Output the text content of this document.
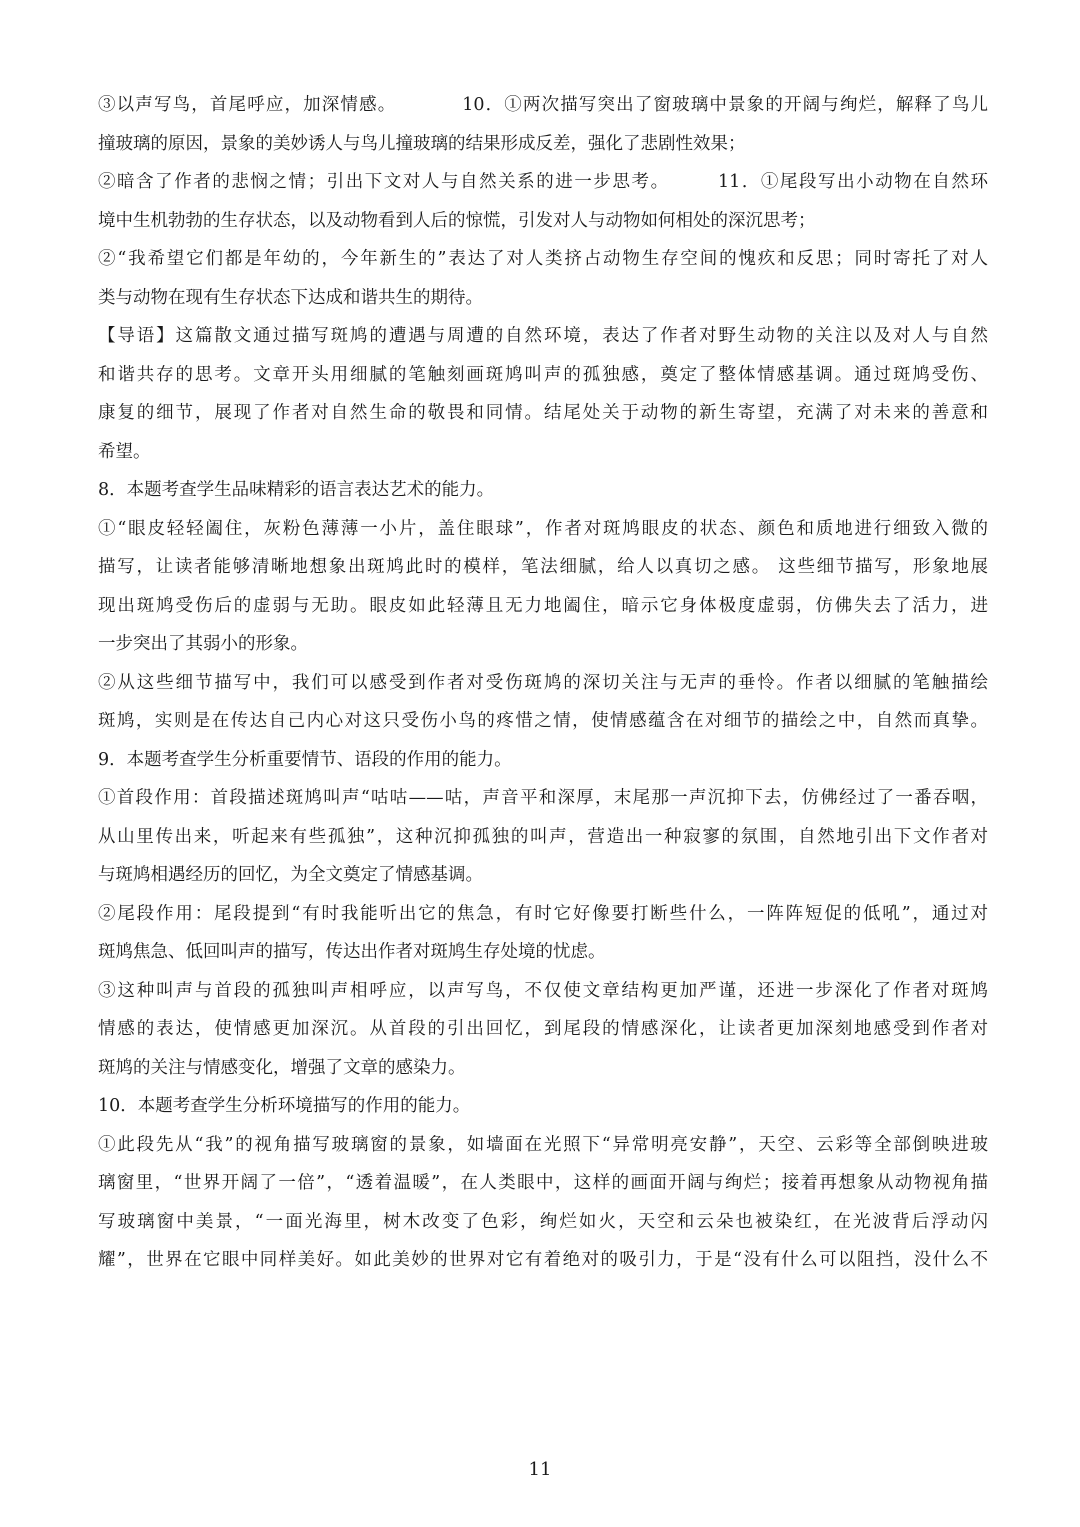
③以声写鸟，首尾呼应，加深情感。　　　　10．①两次描写突出了窗玻璃中景象的开阔与绚烂，解释了鸟儿
撞玻璃的原因，景象的美妙诱人与鸟儿撞玻璃的结果形成反差，强化了悲剧性效果；
②暗含了作者的悲悯之情；引出下文对人与自然关系的进一步思考。　　　11．①尾段写出小动物在自然环
境中生机勃勃的生存状态，以及动物看到人后的惊慌，引发对人与动物如何相处的深沉思考；
②“我希望它们都是年幼的，今年新生的”表达了对人类挤占动物生存空间的愧疚和反思；同时寄托了对人
类与动物在现有生存状态下达成和谐共生的期待。
【导语】这篇散文通过描写斑鸠的遭遇与周遭的自然环境，表达了作者对野生动物的关注以及对人与自然
和谐共存的思考。文章开头用细腻的笔触刻画斑鸠叫声的孤独感，奠定了整体情感基调。通过斑鸠受伤、
康复的细节，展现了作者对自然生命的敬畏和同情。结尾处关于动物的新生寄望，充满了对未来的善意和
希望。
8．本题考查学生品味精彩的语言表达艺术的能力。
①“眼皮轻轻阖住，灰粉色薄薄一小片，盖住眼球”，作者对斑鸠眼皮的状态、颜色和质地进行细致入微的
描写，让读者能够清晰地想象出斑鸠此时的模样，笔法细腻，给人以真切之感。 这些细节描写，形象地展
现出斑鸠受伤后的虚弱与无助。眼皮如此轻薄且无力地阖住，暗示它身体极度虚弱，仿佛失去了活力，进
一步突出了其弱小的形象。
②从这些细节描写中，我们可以感受到作者对受伤斑鸠的深切关注与无声的垂怜。作者以细腻的笔触描绘
斑鸠，实则是在传达自己内心对这只受伤小鸟的疼惜之情，使情感蕴含在对细节的描绘之中，自然而真挚。
9．本题考查学生分析重要情节、语段的作用的能力。
①首段作用：首段描述斑鸠叫声“咕咕——咕，声音平和深厚，末尾那一声沉抑下去，仿佛经过了一番吞咽，
从山里传出来，听起来有些孤独”，这种沉抑孤独的叫声，营造出一种寂寥的氛围，自然地引出下文作者对
与斑鸠相遇经历的回忆，为全文奠定了情感基调。
②尾段作用：尾段提到“有时我能听出它的焦急，有时它好像要打断些什么，一阵阵短促的低吼”，通过对
斑鸠焦急、低回叫声的描写，传达出作者对斑鸠生存处境的忧虑。
③这种叫声与首段的孤独叫声相呼应，以声写鸟，不仅使文章结构更加严谨，还进一步深化了作者对斑鸠
情感的表达，使情感更加深沉。从首段的引出回忆，到尾段的情感深化，让读者更加深刻地感受到作者对
斑鸠的关注与情感变化，增强了文章的感染力。
10．本题考查学生分析环境描写的作用的能力。
①此段先从“我”的视角描写玻璃窗的景象，如墙面在光照下“异常明亮安静”，天空、云彩等全部倒映进玻
璃窗里，“世界开阔了一倍”，“透着温暖”，在人类眼中，这样的画面开阔与绚烂；接着再想象从动物视角描
写玻璃窗中美景，“一面光海里，树木改变了色彩，绚烂如火，天空和云朵也被染红，在光波背后浮动闪
耀”，世界在它眼中同样美好。如此美妙的世界对它有着绝对的吸引力，于是“没有什么可以阻挡，没什么不
11
